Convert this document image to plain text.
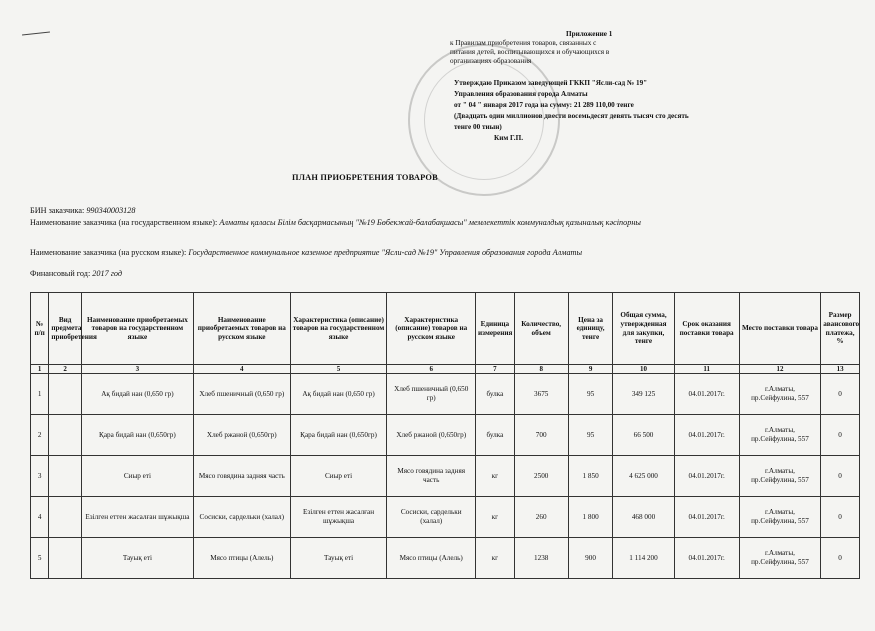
Приложение 1
к Правилам приобретения товаров, связанных с
питания детей, воспитывающихся и обучающихся в
организациях образования
Утверждаю Приказом заведующей ГККП "Ясли-сад № 19"
Управления образования города Алматы
от " 04 " января 2017 года на сумму: 21 289 110,00 тенге
(Двадцать один миллионов двести восемьдесят девять тысяч сто десять
тенге 00 тиын)
Ким Г.П.
ПЛАН ПРИОБРЕТЕНИЯ ТОВАРОВ
БИН заказчика: 990340003128
Наименование заказчика (на государственном языке): Алматы қаласы Білім басқармасының "№19 Бөбекжай-балабақшасы" мемлекеттік коммуналдық қазыналық кәсіпорны
Наименование заказчика (на русском языке): Государственное коммунальное казенное предприятие "Ясли-сад №19" Управления образования города Алматы
Финансовый год: 2017 год
№ п/п	Вид предмета приобретения	Наименование приобретаемых товаров на государственном языке	Наименование приобретаемых товаров на русском языке	Характеристика (описание) товаров на государственном языке	Характеристика (описание) товаров на русском языке	Единица измерения	Количество, объем	Цена за единицу, тенге	Общая сумма, утвержденная для закупки, тенге	Срок оказания поставки товара	Место поставки товара	Размер авансового платежа, %
1	2	3	4	5	6	7	8	9	10	11	12	13
1		Ақ бидай нан (0,650 гр)	Хлеб пшеничный (0,650 гр)	Ақ бидай нан (0,650 гр)	Хлеб пшеничный (0,650 гр)	булка	3675	95	349 125	04.01.2017г.	г.Алматы, пр.Сейфулина, 557	0
2		Қара бидай нан (0,650гр)	Хлеб ржаной (0,650гр)	Қара бидай нан (0,650гр)	Хлеб ржаной (0,650гр)	булка	700	95	66 500	04.01.2017г.	г.Алматы, пр.Сейфулина, 557	0
3		Сиыр еті	Мясо говядина задняя часть	Сиыр еті	Мясо говядина задняя часть	кг	2500	1 850	4 625 000	04.01.2017г.	г.Алматы, пр.Сейфулина, 557	0
4		Езілген еттен жасалған шұжықша	Сосиски, сардельки (халал)	Езілген еттен жасалған шұжықша	Сосиски, сардельки (халал)	кг	260	1 800	468 000	04.01.2017г.	г.Алматы, пр.Сейфулина, 557	0
5		Тауық еті	Мясо птицы (Алель)	Тауық еті	Мясо птицы (Алель)	кг	1238	900	1 114 200	04.01.2017г.	г.Алматы, пр.Сейфулина, 557	0
